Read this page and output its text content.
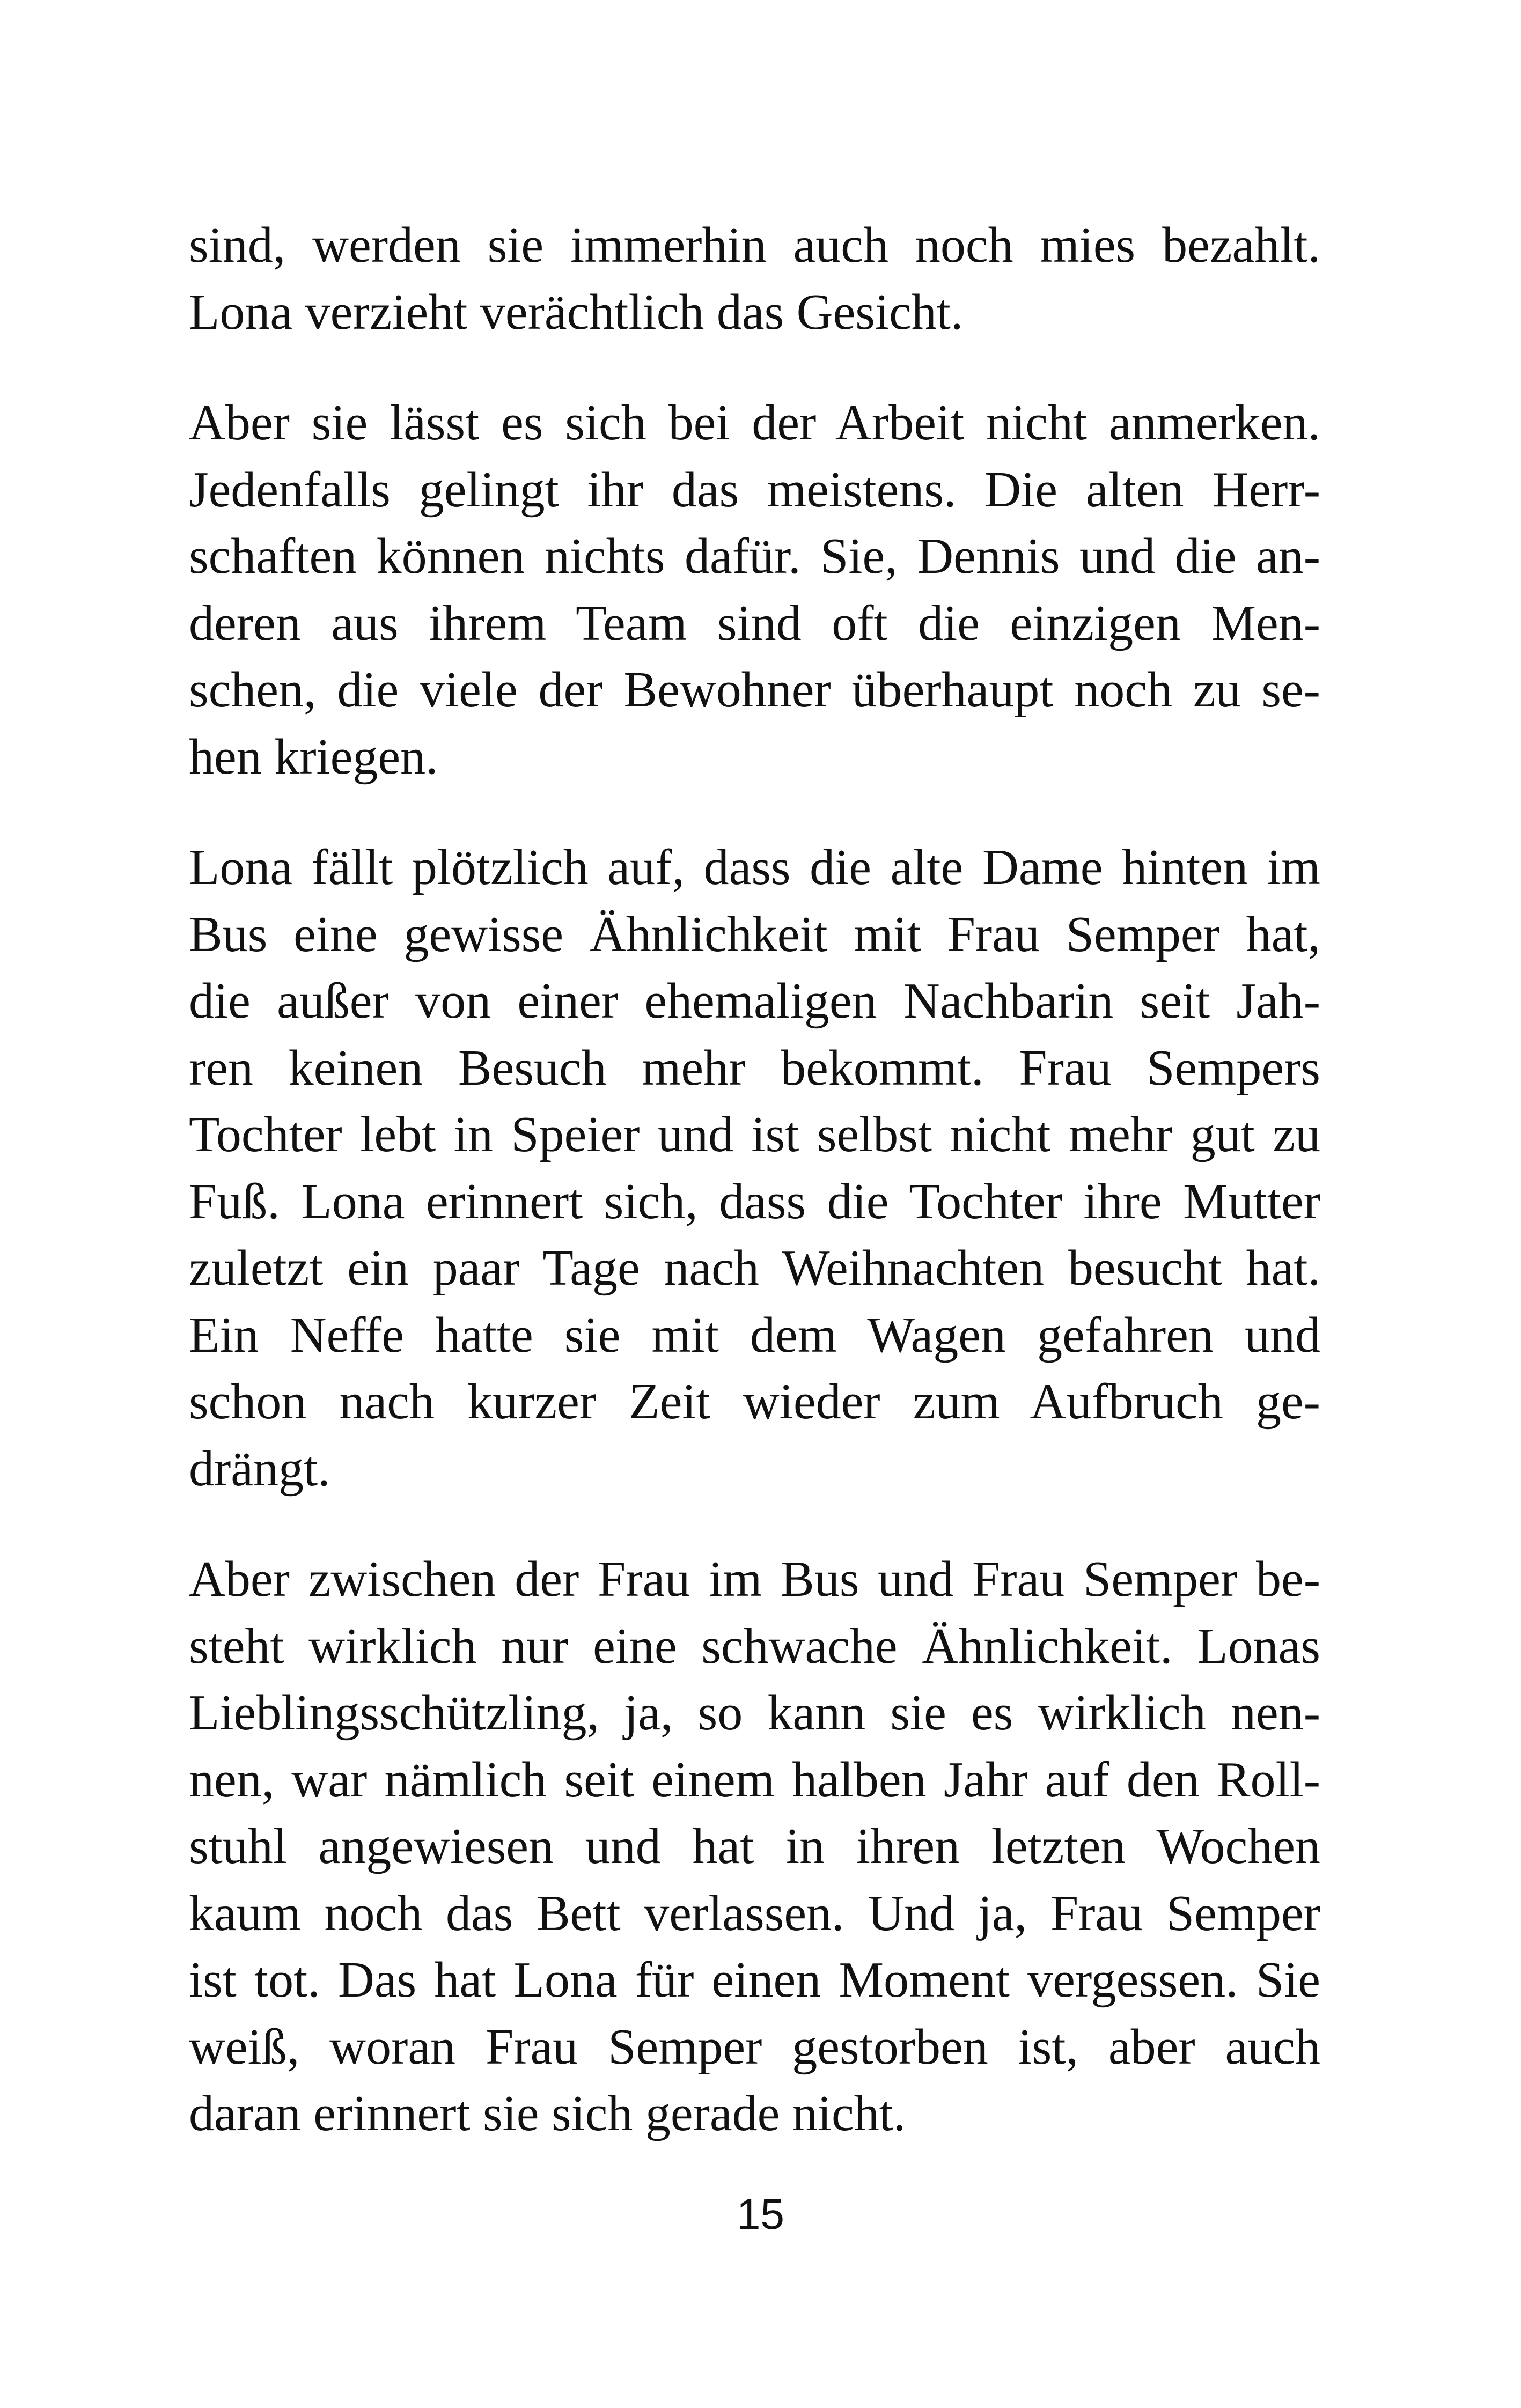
sind, werden sie immerhin auch noch mies bezahlt.
Lona verzieht verächtlich das Gesicht.

Aber sie lässt es sich bei der Arbeit nicht anmerken.
Jedenfalls gelingt ihr das meistens. Die alten Herr-
schaften können nichts dafür. Sie, Dennis und die an-
deren aus ihrem Team sind oft die einzigen Men-
schen, die viele der Bewohner überhaupt noch zu se-
hen kriegen.

Lona fällt plötzlich auf, dass die alte Dame hinten im
Bus eine gewisse Ähnlichkeit mit Frau Semper hat,
die außer von einer ehemaligen Nachbarin seit Jah-
ren keinen Besuch mehr bekommt. Frau Sempers
Tochter lebt in Speier und ist selbst nicht mehr gut zu
Fuß. Lona erinnert sich, dass die Tochter ihre Mutter
zuletzt ein paar Tage nach Weihnachten besucht hat.
Ein Neffe hatte sie mit dem Wagen gefahren und
schon nach kurzer Zeit wieder zum Aufbruch ge-
drängt.

Aber zwischen der Frau im Bus und Frau Semper be-
steht wirklich nur eine schwache Ähnlichkeit. Lonas
Lieblingsschützling, ja, so kann sie es wirklich nen-
nen, war nämlich seit einem halben Jahr auf den Roll-
stuhl angewiesen und hat in ihren letzten Wochen
kaum noch das Bett verlassen. Und ja, Frau Semper
ist tot. Das hat Lona für einen Moment vergessen. Sie
weiß, woran Frau Semper gestorben ist, aber auch
daran erinnert sie sich gerade nicht.

15
